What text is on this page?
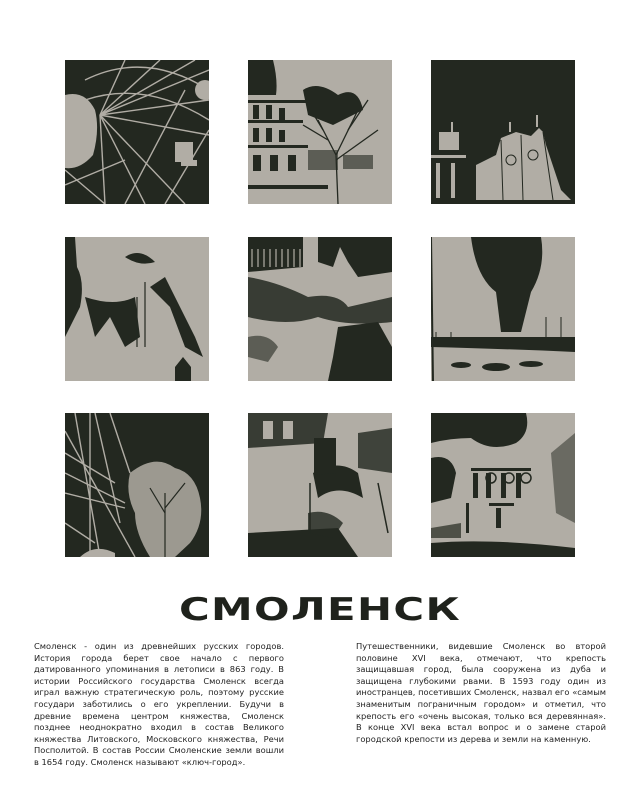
СМОЛЕНСК
Смоленск - один из древнейших русских городов. История города берет свое начало с первого датированного упоминания в летописи в 863 году. В истории Российского государства Смоленск всегда играл важную стратегическую роль, поэтому русские государи заботились о его укреплении. Будучи в древние времена центром княжества, Смоленск позднее неоднократно входил в состав Великого княжества Литовского, Московского княжества, Речи Посполитой. В состав России Смоленские земли вошли в 1654 году. Смоленск называют «ключ-город».
Путешественники, видевшие Смоленск во второй половине XVI века, отмечают, что крепость защищавшая город, была сооружена из дуба и защищена глубокими рвами. В 1593 году один из иностранцев, посетивших Смоленск, назвал его «самым знаменитым пограничным городом» и отметил, что крепость его «очень высокая, только вся деревянная». В конце XVI века встал вопрос и о замене старой городской крепости из дерева и земли на каменную.
